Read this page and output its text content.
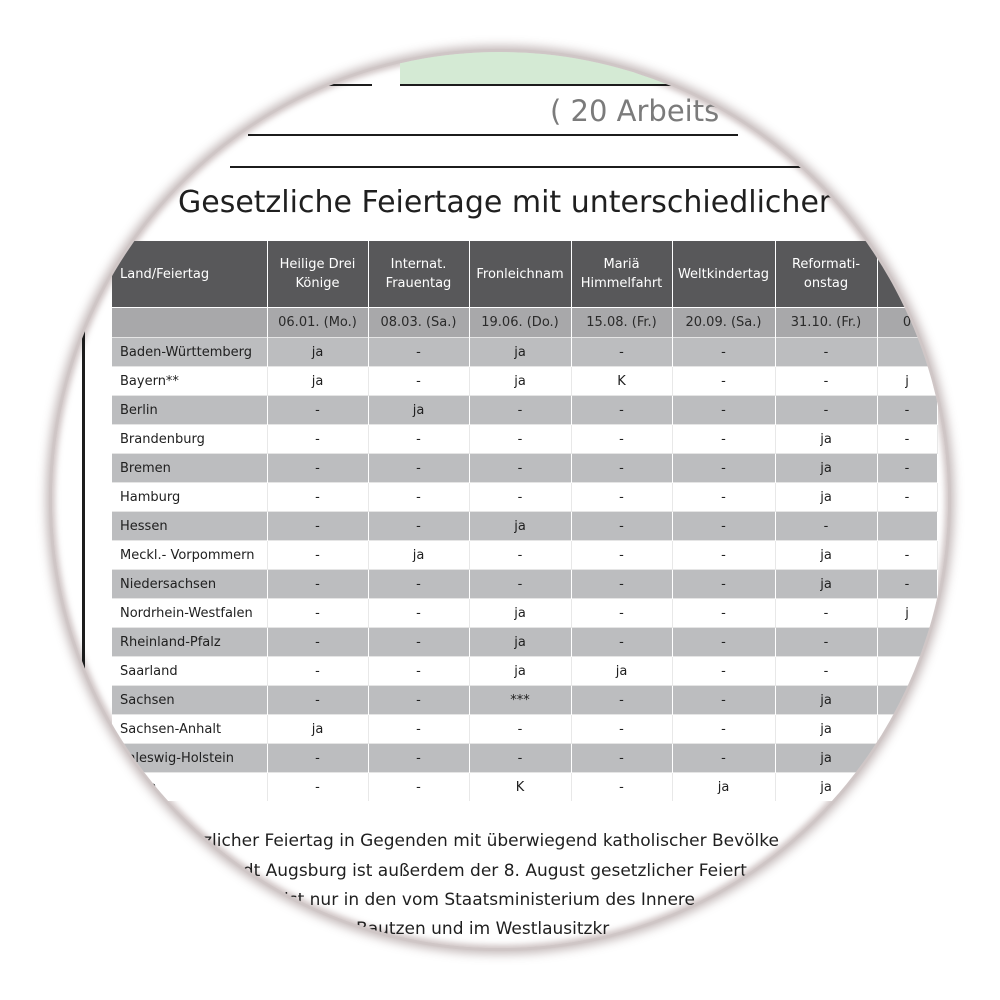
( 20 Arbeits
Gesetzliche Feiertage mit unterschiedlicher
Land/Feiertag	Heilige Drei Könige	Internat. Frauentag	Fronleichnam	Mariä Himmelfahrt	Weltkindertag	Reformati-onstag	
	06.01. (Mo.)	08.03. (Sa.)	19.06. (Do.)	15.08. (Fr.)	20.09. (Sa.)	31.10. (Fr.)	0
Baden-Württemberg	ja	-	ja	-	-	-	
Bayern**	ja	-	ja	K	-	-	j
Berlin	-	ja	-	-	-	-	-
Brandenburg	-	-	-	-	-	ja	-
Bremen	-	-	-	-	-	ja	-
Hamburg	-	-	-	-	-	ja	-
Hessen	-	-	ja	-	-	-	
Meckl.- Vorpommern	-	ja	-	-	-	ja	-
Niedersachsen	-	-	-	-	-	ja	-
Nordrhein-Westfalen	-	-	ja	-	-	-	j
Rheinland-Pfalz	-	-	ja	-	-	-	
Saarland	-	-	ja	ja	-	-	
Sachsen	-	-	***	-	-	ja	
Sachsen-Anhalt	ja	-	-	-	-	ja	
chleswig-Holstein	-	-	-	-	-	ja	
ingen	-	-	K	-	ja	ja	
etzlicher Feiertag in Gegenden mit überwiegend katholischer Bevölke
ndt Augsburg ist außerdem der 8. August gesetzlicher Feiert
ist nur in den vom Staatsministerium des Innere
reis Bautzen und im Westlausitzkr
